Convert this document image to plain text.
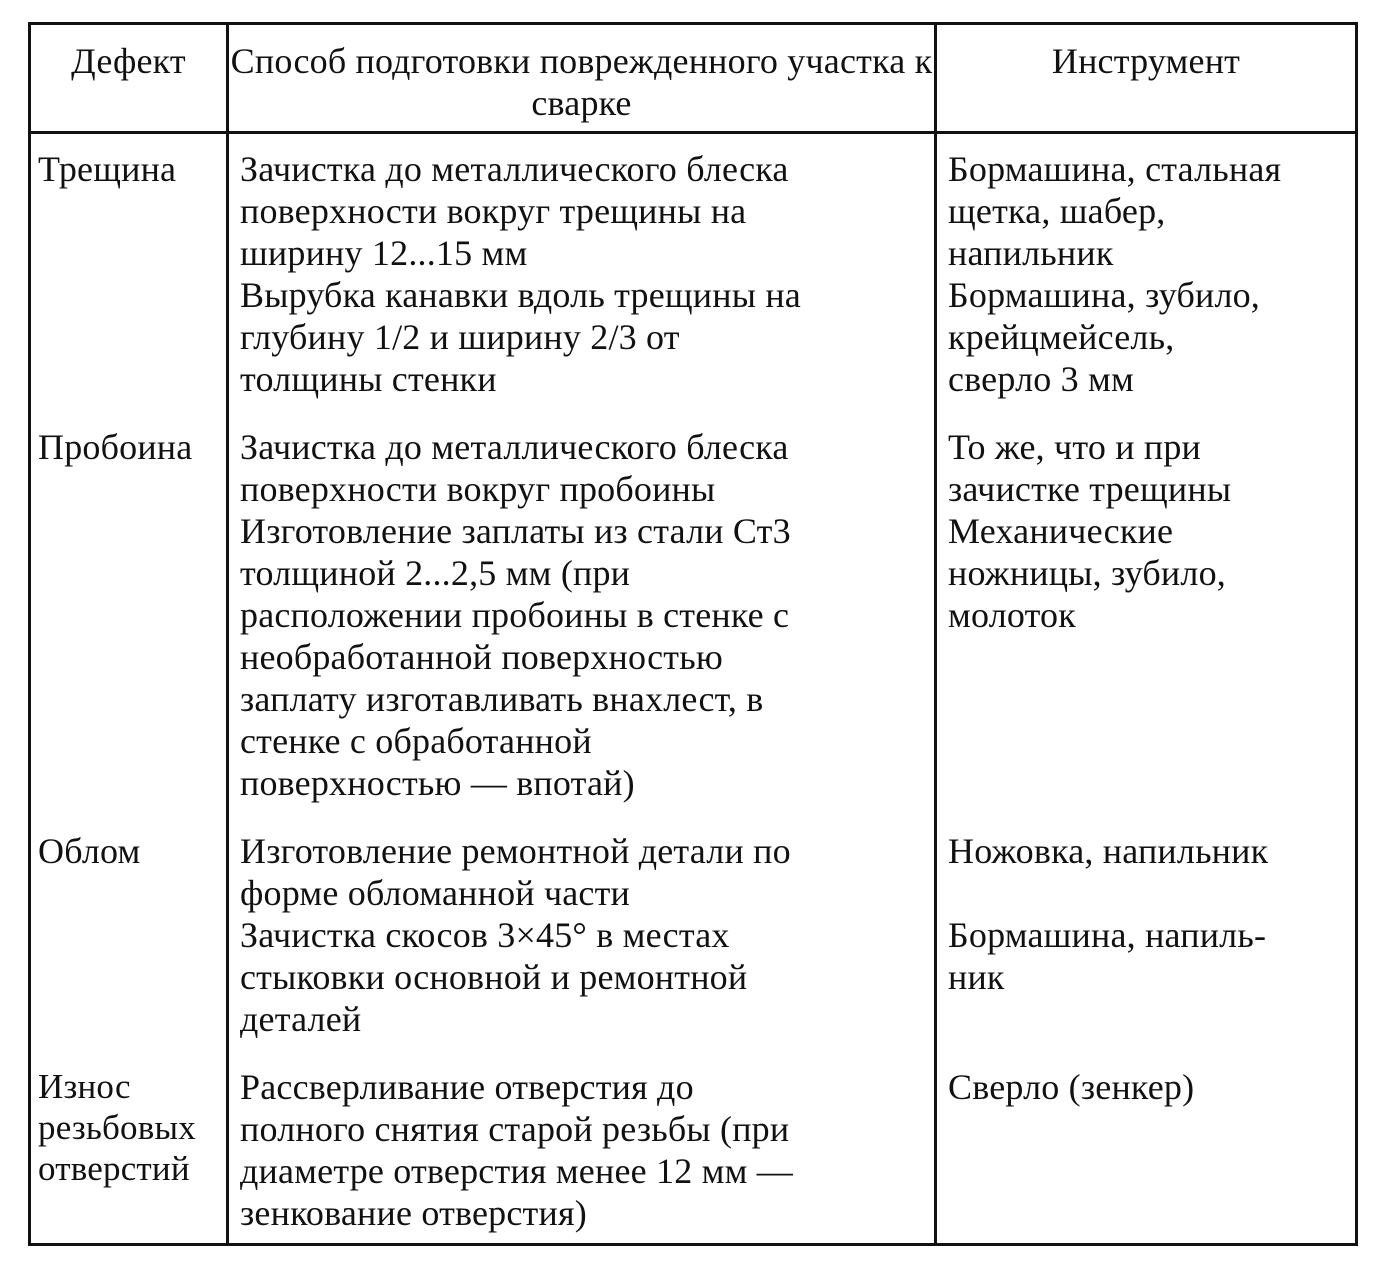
Дефект	Способ подготовки поврежденного участка к сварке
Инструмент
Трещина Зачистка до металлического блеска
поверхности вокруг трещины на
ширину 12...15 мм
Вырубка канавки вдоль трещины на
глубину 1/2 и ширину 2/3 от
толщины стенки
Бормашина, стальная
щетка, шабер,
напильник
Бормашина, зубило,
крейцмейсель,
сверло 3 мм
Пробоина Зачистка до металлического блеска
поверхности вокруг пробоины
Изготовление заплаты из стали Ст3
толщиной 2...2,5 мм (при
расположении пробоины в стенке с
необработанной поверхностью
заплату изготавливать внахлест, в
стенке с обработанной
поверхностью — впотай)
То же, что и при
зачистке трещины
Механические
ножницы, зубило,
молоток
Облом	Изготовление ремонтной детали по
форме обломанной части
Зачистка скосов 3×45° в местах
стыковки основной и ремонтной
деталей
Ножовка, напильник

Бормашина, напиль-
ник
Износ
резьбовых
отверстий
Рассверливание отверстия до
полного снятия старой резьбы (при
диаметре отверстия менее 12 мм —
зенкование отверстия)
Сверло (зенкер)
